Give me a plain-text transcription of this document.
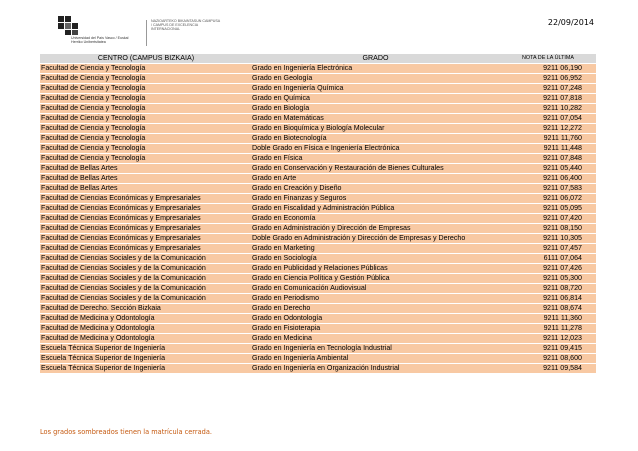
22/09/2014
Universidad del País Vasco / Euskal Herriko Unibertsitatea
NAZIOARTEKO BIKAINTASUN CAMPUSA / CAMPUS DE EXCELENCIA INTERNACIONAL
CENTRO (CAMPUS BIZKAIA)	GRADO	NOTA DE LA ÚLTIMA
Facultad de Ciencia y Tecnología	Grado en Ingeniería Electrónica	9211 06,190
Facultad de Ciencia y Tecnología	Grado en Geología	9211 06,952
Facultad de Ciencia y Tecnología	Grado en Ingeniería Química	9211 07,248
Facultad de Ciencia y Tecnología	Grado en Química	9211 07,818
Facultad de Ciencia y Tecnología	Grado en Biología	9211 10,282
Facultad de Ciencia y Tecnología	Grado en Matemáticas	9211 07,054
Facultad de Ciencia y Tecnología	Grado en Bioquímica y Biología Molecular	9211 12,272
Facultad de Ciencia y Tecnología	Grado en Biotecnología	9211 11,760
Facultad de Ciencia y Tecnología	Doble Grado en Física e Ingeniería Electrónica	9211 11,448
Facultad de Ciencia y Tecnología	Grado en Física	9211 07,848
Facultad de Bellas Artes	Grado en Conservación y Restauración de Bienes Culturales	9211 05,440
Facultad de Bellas Artes	Grado en Arte	9211 06,400
Facultad de Bellas Artes	Grado en Creación y Diseño	9211 07,583
Facultad de Ciencias Económicas y Empresariales	Grado en Finanzas y Seguros	9211 06,072
Facultad de Ciencias Económicas y Empresariales	Grado en Fiscalidad y Administración Pública	9211 05,095
Facultad de Ciencias Económicas y Empresariales	Grado en Economía	9211 07,420
Facultad de Ciencias Económicas y Empresariales	Grado en Administración y Dirección de Empresas	9211 08,150
Facultad de Ciencias Económicas y Empresariales	Doble Grado en Administración y Dirección de Empresas y Derecho	9211 10,305
Facultad de Ciencias Económicas y Empresariales	Grado en Marketing	9211 07,457
Facultad de Ciencias Sociales y de la Comunicación	Grado en Sociología	6111 07,064
Facultad de Ciencias Sociales y de la Comunicación	Grado en Publicidad y Relaciones Públicas	9211 07,426
Facultad de Ciencias Sociales y de la Comunicación	Grado en Ciencia Política y Gestión Pública	9211 05,300
Facultad de Ciencias Sociales y de la Comunicación	Grado en Comunicación Audiovisual	9211 08,720
Facultad de Ciencias Sociales y de la Comunicación	Grado en Periodismo	9211 06,814
Facultad de Derecho. Sección Bizkaia	Grado en Derecho	9211 08,674
Facultad de Medicina y Odontología	Grado en Odontología	9211 11,360
Facultad de Medicina y Odontología	Grado en Fisioterapia	9211 11,278
Facultad de Medicina y Odontología	Grado en Medicina	9211 12,023
Escuela Técnica Superior de Ingeniería	Grado en Ingeniería en Tecnología Industrial	9211 09,415
Escuela Técnica Superior de Ingeniería	Grado en Ingeniería Ambiental	9211 08,600
Escuela Técnica Superior de Ingeniería	Grado en Ingeniería en Organización Industrial	9211 09,584
Los grados sombreados tienen la matrícula cerrada.
